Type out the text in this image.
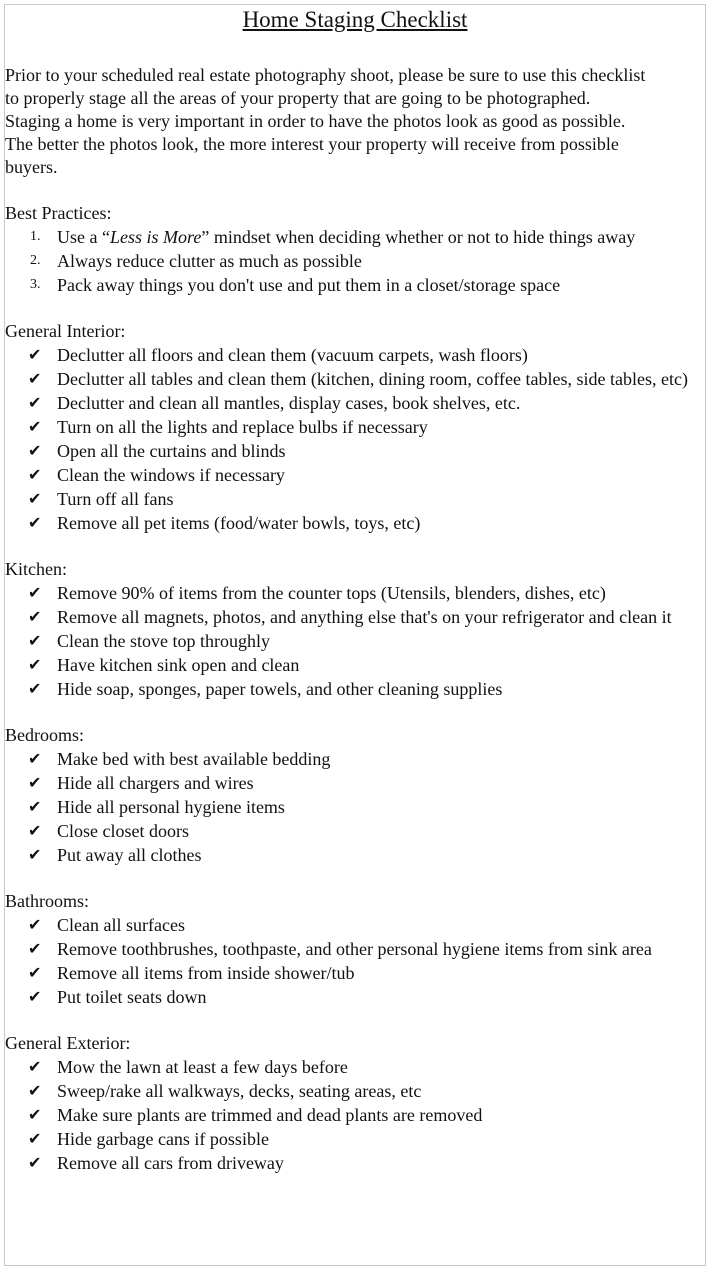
Home Staging Checklist
Prior to your scheduled real estate photography shoot, please be sure to use this checklist
to properly stage all the areas of your property that are going to be photographed.
Staging a home is very important in order to have the photos look as good as possible.
The better the photos look, the more interest your property will receive from possible
buyers.
Best Practices:
1. Use a “Less is More” mindset when deciding whether or not to hide things away
2. Always reduce clutter as much as possible
3. Pack away things you don't use and put them in a closet/storage space
General Interior:
✔ Declutter all floors and clean them (vacuum carpets, wash floors)
✔ Declutter all tables and clean them (kitchen, dining room, coffee tables, side tables, etc)
✔ Declutter and clean all mantles, display cases, book shelves, etc.
✔ Turn on all the lights and replace bulbs if necessary
✔ Open all the curtains and blinds
✔ Clean the windows if necessary
✔ Turn off all fans
✔ Remove all pet items (food/water bowls, toys, etc)
Kitchen:
✔ Remove 90% of items from the counter tops (Utensils, blenders, dishes, etc)
✔ Remove all magnets, photos, and anything else that's on your refrigerator and clean it
✔ Clean the stove top throughly
✔ Have kitchen sink open and clean
✔ Hide soap, sponges, paper towels, and other cleaning supplies
Bedrooms:
✔ Make bed with best available bedding
✔ Hide all chargers and wires
✔ Hide all personal hygiene items
✔ Close closet doors
✔ Put away all clothes
Bathrooms:
✔ Clean all surfaces
✔ Remove toothbrushes, toothpaste, and other personal hygiene items from sink area
✔ Remove all items from inside shower/tub
✔ Put toilet seats down
General Exterior:
✔ Mow the lawn at least a few days before
✔ Sweep/rake all walkways, decks, seating areas, etc
✔ Make sure plants are trimmed and dead plants are removed
✔ Hide garbage cans if possible
✔ Remove all cars from driveway
